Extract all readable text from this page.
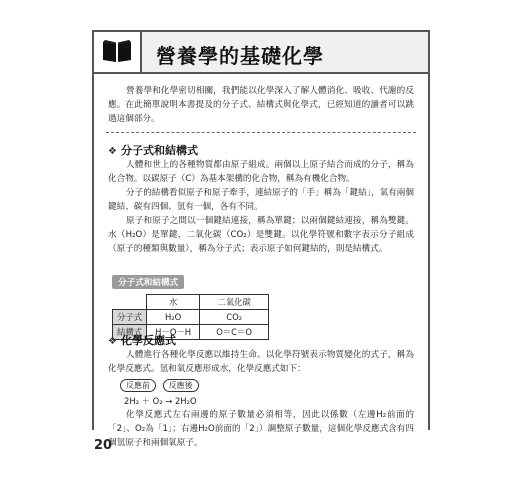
營養學的基礎化學
營養學和化學密切相關，我們能以化學深入了解人體消化、吸收、代謝的反應。在此簡單說明本書提及的分子式、結構式與化學式，已經知道的讀者可以跳過這個部分。
❖ 分子式和結構式

人體和世上的各種物質都由原子組成。兩個以上原子結合而成的分子，稱為化合物。以碳原子（C）為基本架構的化合物，稱為有機化合物。

分子的結構看似原子和原子牽手，連結原子的「手」稱為「鍵結」，氧有兩個鍵結、碳有四個、氫有一個，各有不同。

原子和原子之間以一個鍵結連接，稱為單鍵；以兩個鍵結連接，稱為雙鍵。水（H₂O）是單鍵，二氧化碳（CO₂）是雙鍵。以化學符號和數字表示分子組成（原子的種類與數量），稱為分子式；表示原子如何鍵結的，則是結構式。

分子式和結構式
	水	二氧化碳
分子式	H₂O	CO₂
結構式	H－O－H	O＝C＝O
❖ 化學反應式

人體進行各種化學反應以維持生命。以化學符號表示物質變化的式子，稱為化學反應式。氫和氧反應形成水，化學反應式如下：

反應前 反應後
2H₂ ＋ O₂ → 2H₂O

化學反應式左右兩邊的原子數量必須相等，因此以係數（左邊H₂前面的「2」、O₂為「1」；右邊H₂O前面的「2」）調整原子數量，這個化學反應式含有四個氫原子和兩個氧原子。

20
